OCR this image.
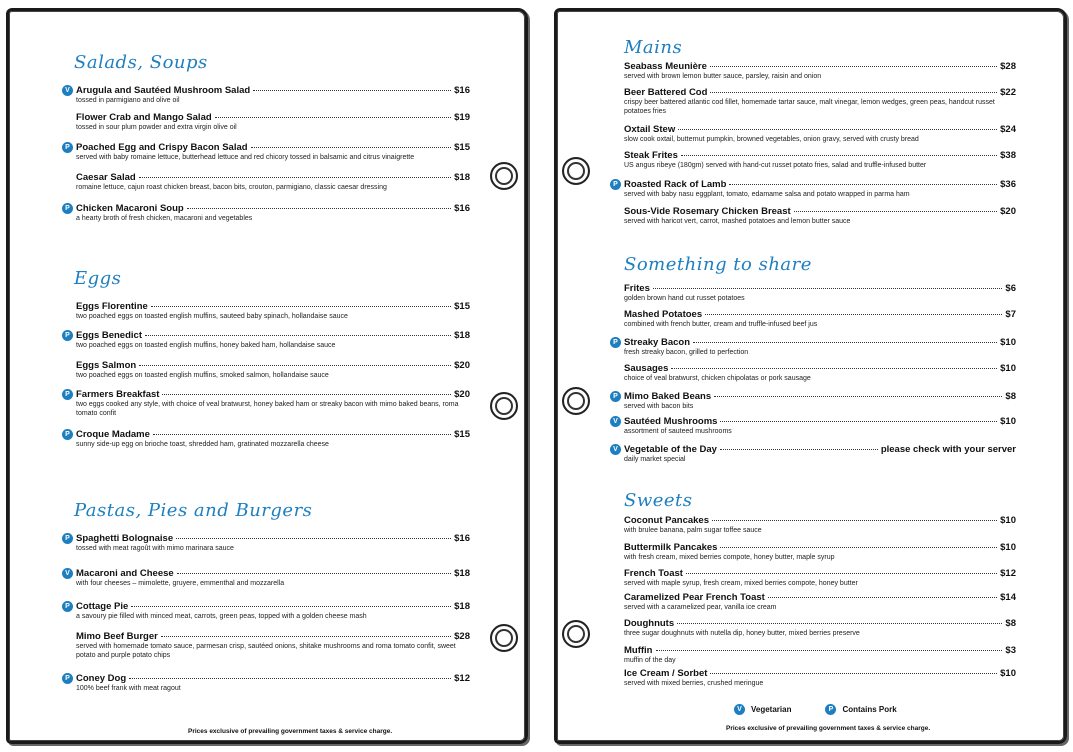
Prices exclusive of prevailing government taxes & service charge.
V	Vegetarian	P	Contains Pork
Prices exclusive of prevailing government taxes & service charge.
Salads, Soups
V Arugula and Sautéed Mushroom Salad	$16
tossed in parmigiano and olive oil
Flower Crab and Mango Salad	$19
tossed in sour plum powder and extra virgin olive oil
P Poached Egg and Crispy Bacon Salad	$15
served with baby romaine lettuce, butterhead lettuce and red chicory tossed in balsamic and citrus vinaigrette
Caesar Salad	$18
romaine lettuce, cajun roast chicken breast, bacon bits, crouton, parmigiano, classic caesar dressing
P Chicken Macaroni Soup	$16
a hearty broth of fresh chicken, macaroni and vegetables
Eggs
Eggs Florentine	$15
two poached eggs on toasted english muffins, sauteed baby spinach, hollandaise sauce
P Eggs Benedict	$18
two poached eggs on toasted english muffins, honey baked ham, hollandaise sauce
Eggs Salmon	$20
two poached eggs on toasted english muffins, smoked salmon, hollandaise sauce
P Farmers Breakfast	$20
two eggs cooked any style, with choice of veal bratwurst, honey baked ham or streaky bacon with mimo baked beans, roma tomato confit
P Croque Madame	$15
sunny side-up egg on brioche toast, shredded ham, gratinated mozzarella cheese
Pastas, Pies and Burgers
P Spaghetti Bolognaise	$16
tossed with meat ragoût with mimo marinara sauce
V Macaroni and Cheese	$18
with four cheeses – mimolette, gruyere, emmenthal and mozzarella
P Cottage Pie	$18
a savoury pie filled with minced meat, carrots, green peas, topped with a golden cheese mash
Mimo Beef Burger	$28
served with homemade tomato sauce, parmesan crisp, sautéed onions, shitake mushrooms and roma tomato confit, sweet potato and purple potato chips
P Coney Dog	$12
100% beef frank with meat ragout
Mains
Seabass Meunière	$28
served with brown lemon butter sauce, parsley, raisin and onion
Beer Battered Cod	$22
crispy beer battered atlantic cod fillet, homemade tartar sauce, malt vinegar, lemon wedges, green peas, handcut russet potatoes fries
Oxtail Stew	$24
slow cook oxtail, butternut pumpkin, browned vegetables, onion gravy, served with crusty bread
Steak Frites	$38
US angus ribeye (180gm) served with hand-cut russet potato fries, salad and truffle-infused butter
P Roasted Rack of Lamb	$36
served with baby nasu eggplant, tomato, edamame salsa and potato wrapped in parma ham
Sous-Vide Rosemary Chicken Breast	$20
served with haricot vert, carrot, mashed potatoes and lemon butter sauce
Something to share
Frites	$6
golden brown hand cut russet potatoes
Mashed Potatoes	$7
combined with french butter, cream and truffle-infused beef jus
P Streaky Bacon	$10
fresh streaky bacon, grilled to perfection
Sausages	$10
choice of veal bratwurst, chicken chipolatas or pork sausage
P Mimo Baked Beans	$8
served with bacon bits
V Sautéed Mushrooms	$10
assortment of sauteed mushrooms
V Vegetable of the Day	please check with your server
daily market special
Sweets
Coconut Pancakes	$10
with brulee banana, palm sugar toffee sauce
Buttermilk Pancakes	$10
with fresh cream, mixed berries compote, honey butter, maple syrup
French Toast	$12
served with maple syrup, fresh cream, mixed berries compote, honey butter
Caramelized Pear French Toast	$14
served with a caramelized pear, vanilla ice cream
Doughnuts	$8
three sugar doughnuts with nutella dip, honey butter, mixed berries preserve
Muffin	$3
muffin of the day
Ice Cream / Sorbet	$10
served with mixed berries, crushed meringue
